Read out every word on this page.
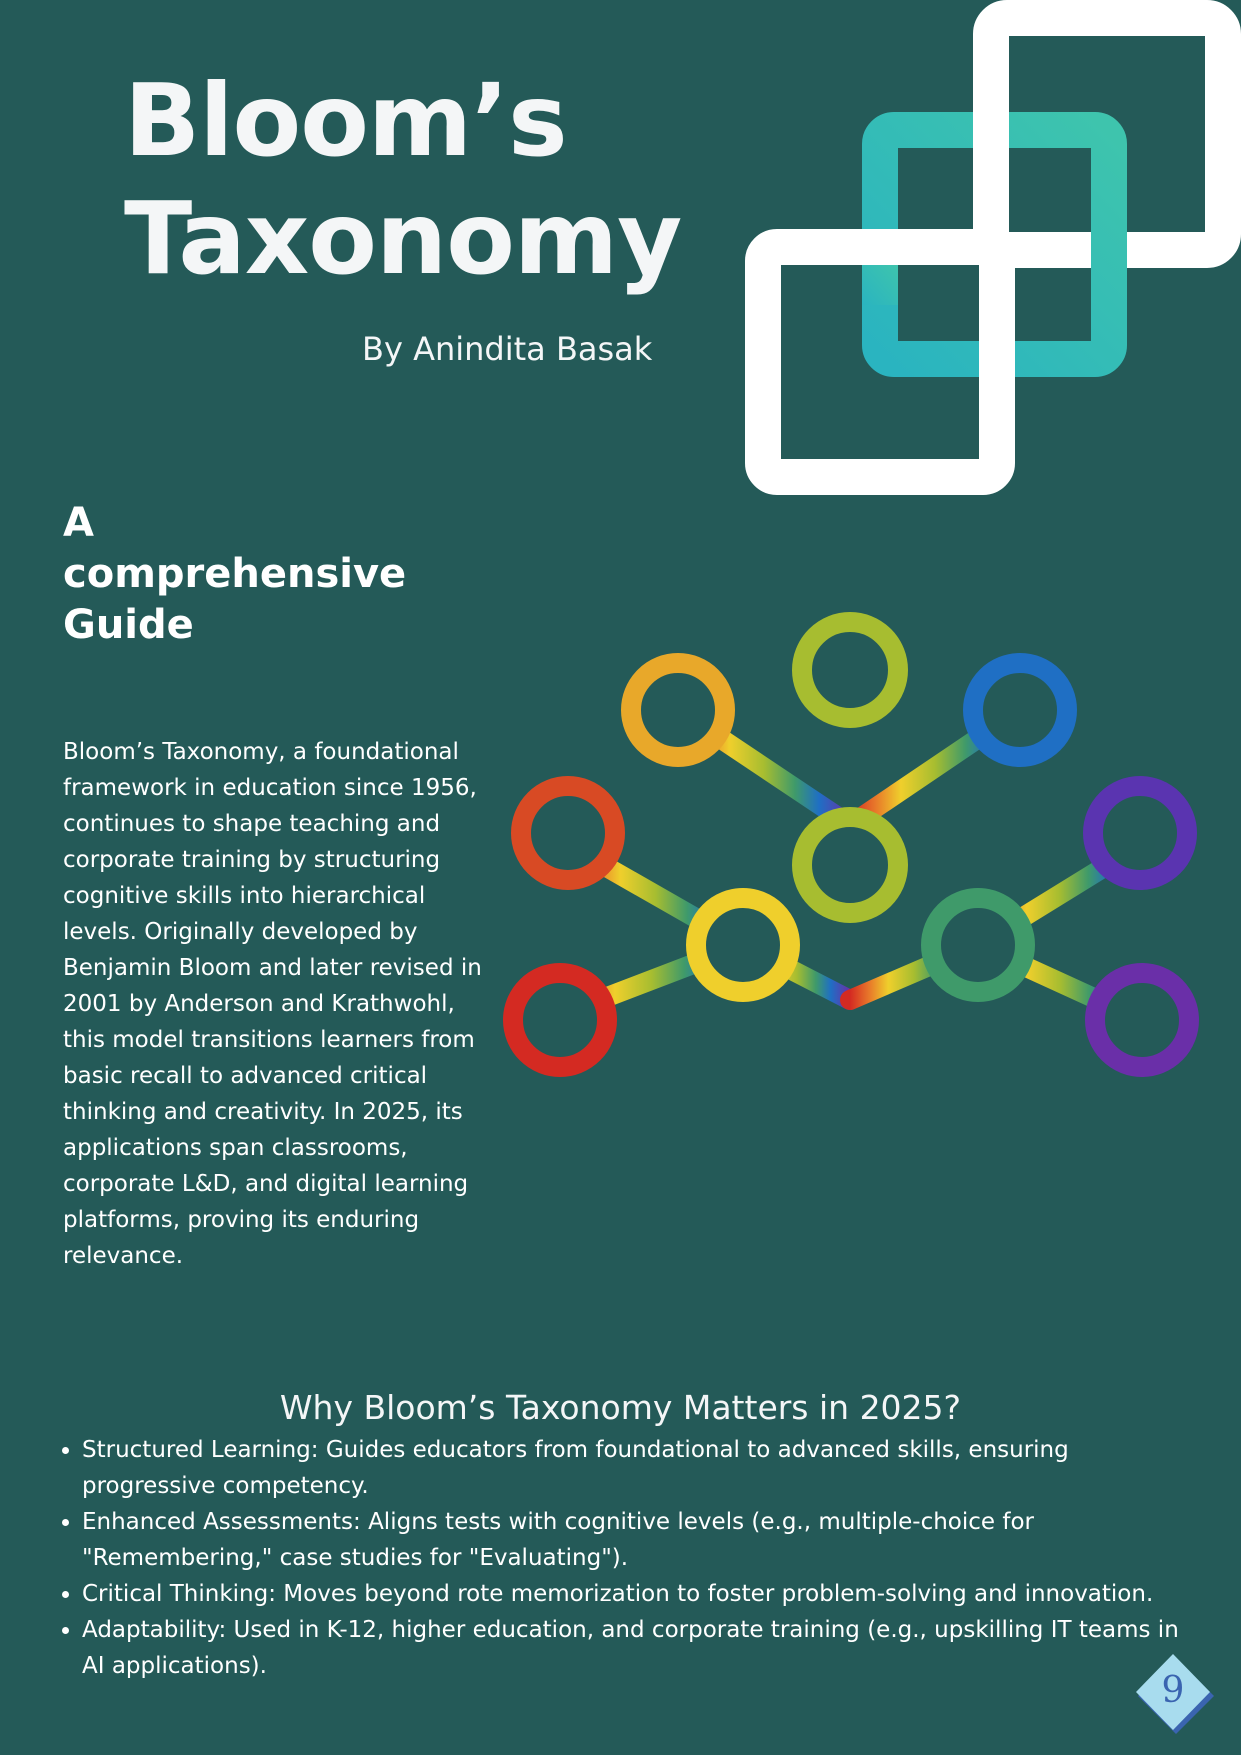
Bloom’s
Taxonomy
By Anindita Basak
A comprehensive Guide
Bloom’s Taxonomy, a foundational framework in education since 1956, continues to shape teaching and corporate training by structuring cognitive skills into hierarchical levels. Originally developed by Benjamin Bloom and later revised in 2001 by Anderson and Krathwohl, this model transitions learners from basic recall to advanced critical thinking and creativity. In 2025, its applications span classrooms, corporate L&D, and digital learning platforms, proving its enduring relevance.
Why Bloom’s Taxonomy Matters in 2025?
• Structured Learning: Guides educators from foundational to advanced skills, ensuring progressive competency.
• Enhanced Assessments: Aligns tests with cognitive levels (e.g., multiple-choice for "Remembering," case studies for "Evaluating").
• Critical Thinking: Moves beyond rote memorization to foster problem-solving and innovation.
• Adaptability: Used in K-12, higher education, and corporate training (e.g., upskilling IT teams in AI applications).
9
